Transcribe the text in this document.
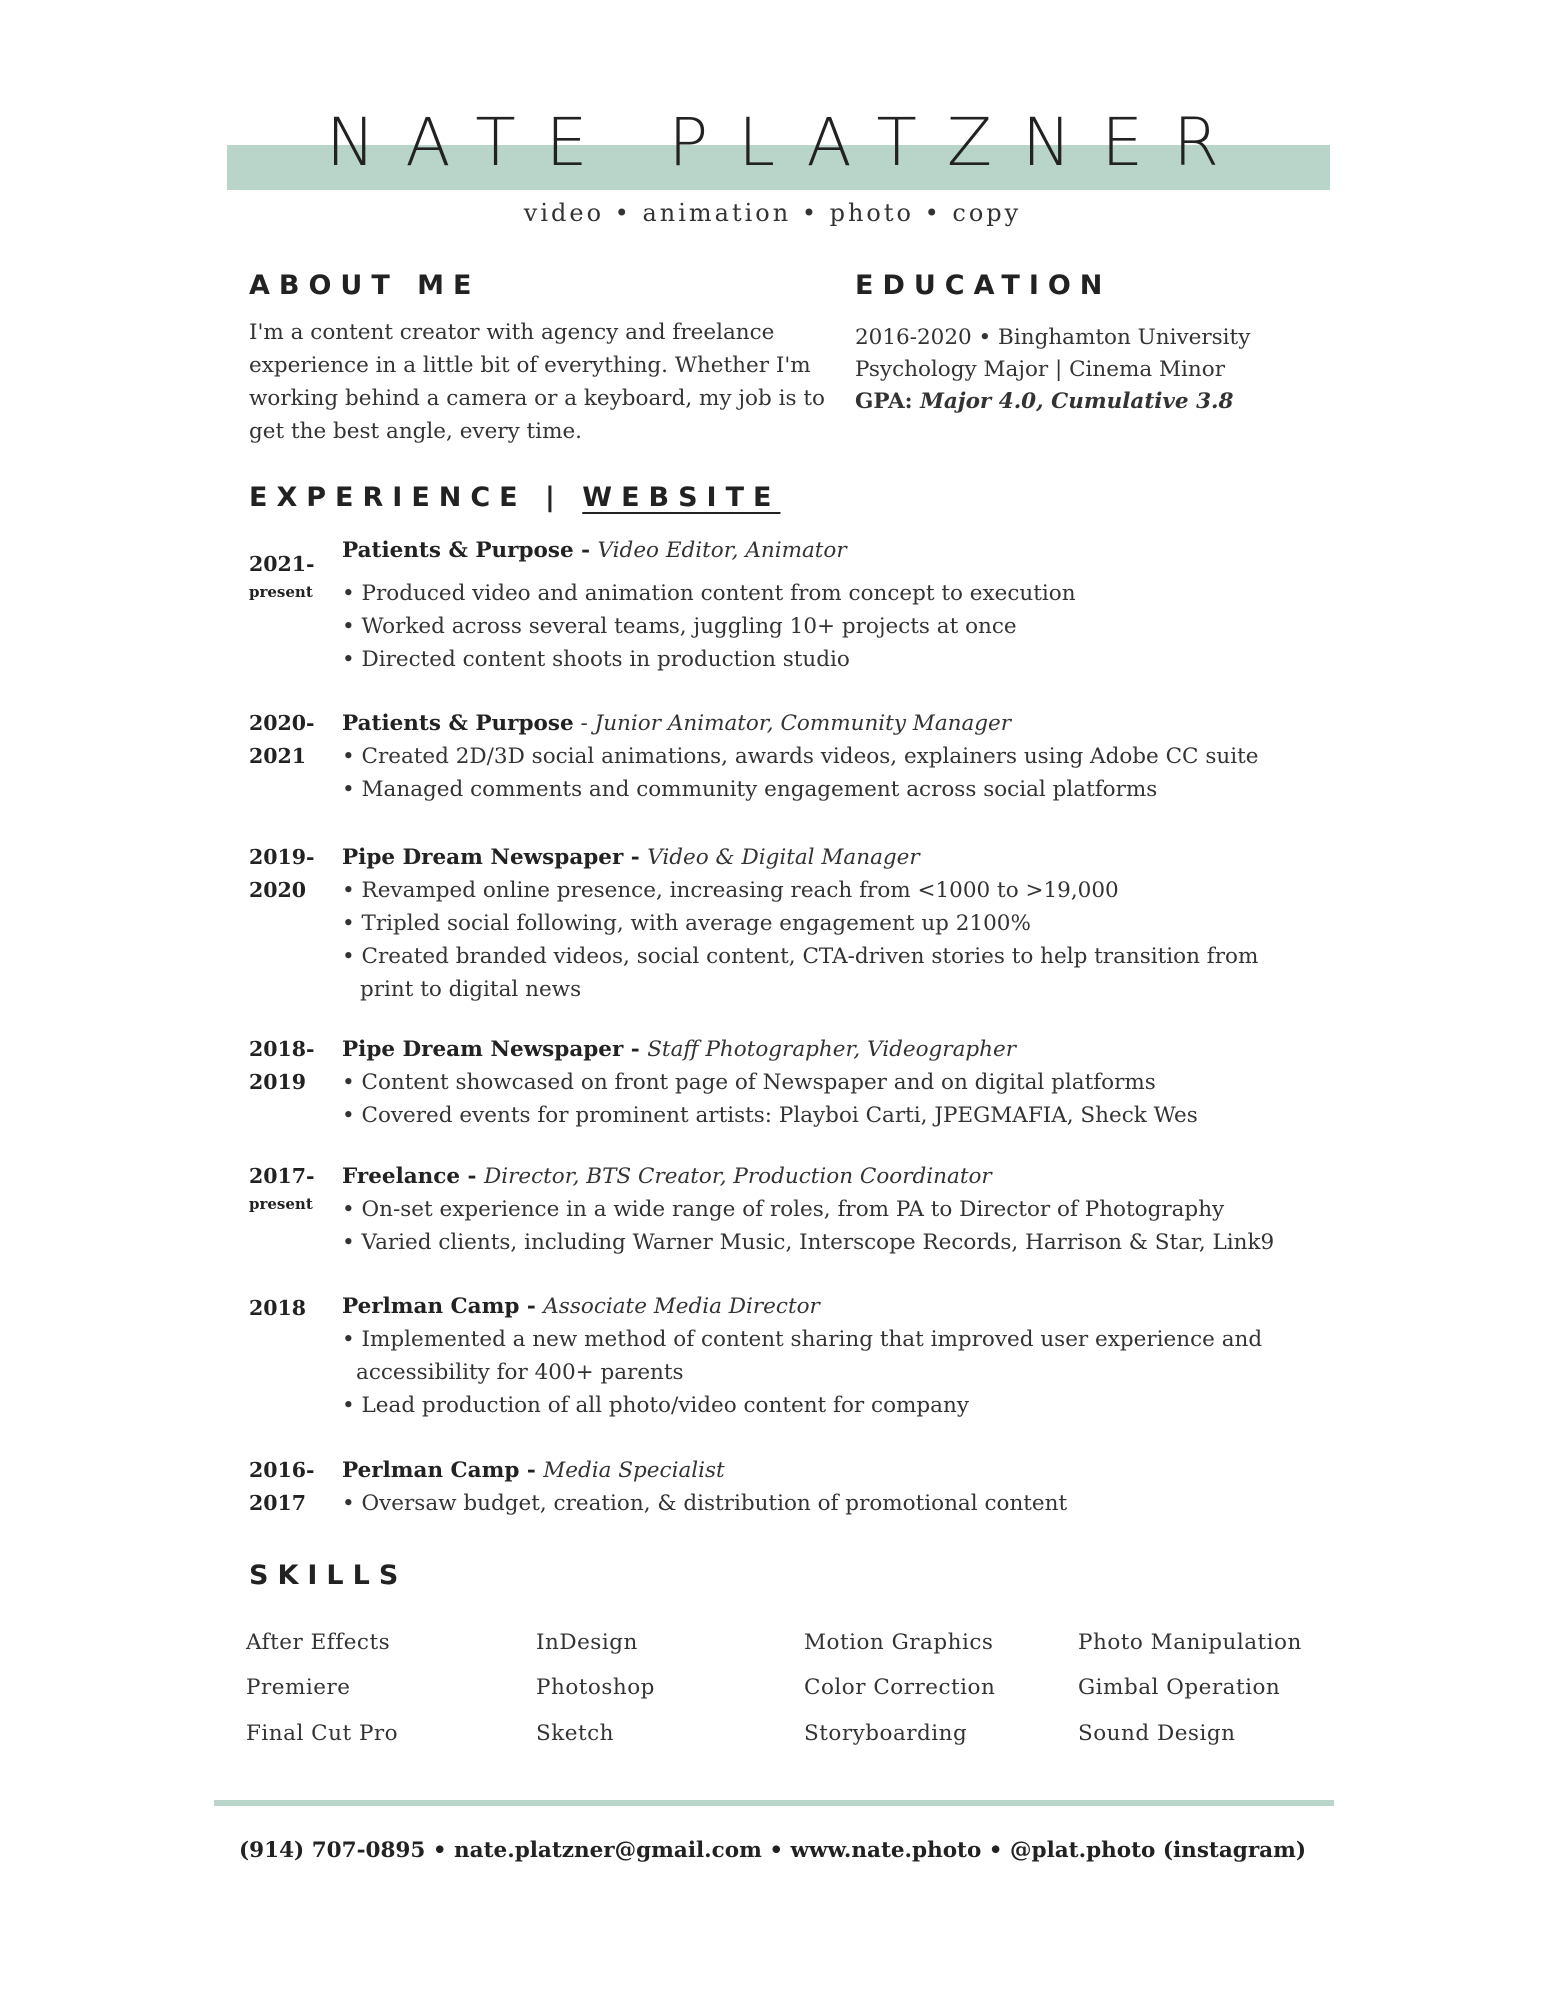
NATE PLATZNER
video • animation • photo • copy
ABOUT ME
I'm a content creator with agency and freelance experience in a little bit of everything. Whether I'm working behind a camera or a keyboard, my job is to get the best angle, every time.
EDUCATION
2016-2020 • Binghamton University
Psychology Major | Cinema Minor
GPA: Major 4.0, Cumulative 3.8
EXPERIENCE | WEBSITE
2021-
present
Patients & Purpose - Video Editor, Animator

• Produced video and animation content from concept to execution

• Worked across several teams, juggling 10+ projects at once

• Directed content shoots in production studio

2020-
2021
Patients & Purpose - Junior Animator, Community Manager

• Created 2D/3D social animations, awards videos, explainers using Adobe CC suite

• Managed comments and community engagement across social platforms

2019-
2020
Pipe Dream Newspaper - Video & Digital Manager

• Revamped online presence, increasing reach from <1000 to >19,000

• Tripled social following, with average engagement up 2100%

• Created branded videos, social content, CTA-driven stories to help transition from

print to digital news

2018-
2019
Pipe Dream Newspaper - Staff Photographer, Videographer

• Content showcased on front page of Newspaper and on digital platforms

• Covered events for prominent artists: Playboi Carti, JPEGMAFIA, Sheck Wes

2017-
present
Freelance - Director, BTS Creator, Production Coordinator

• On-set experience in a wide range of roles, from PA to Director of Photography

• Varied clients, including Warner Music, Interscope Records, Harrison & Star, Link9

2018 Perlman Camp - Associate Media Director

• Implemented a new method of content sharing that improved user experience and

accessibility for 400+ parents

• Lead production of all photo/video content for company

2016-
2017
Perlman Camp - Media Specialist

• Oversaw budget, creation, & distribution of promotional content

SKILLS
After Effects
Premiere
Final Cut Pro
InDesign
Photoshop
Sketch
Motion Graphics
Color Correction
Storyboarding
Photo Manipulation
Gimbal Operation
Sound Design
(914) 707-0895 • nate.platzner@gmail.com • www.nate.photo • @plat.photo (instagram)
